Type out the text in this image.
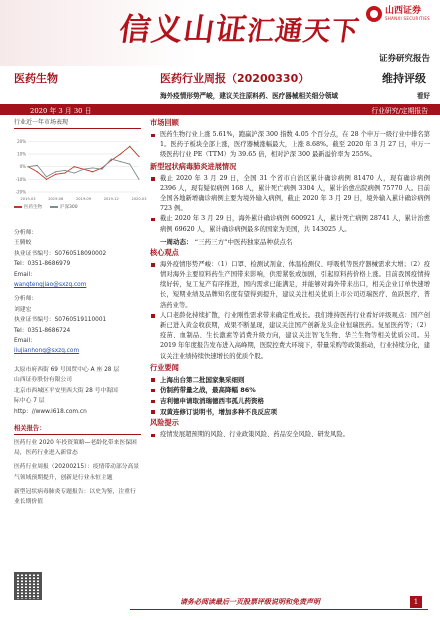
信义山证汇通天下
山西证券
SHANXI SECURITIES
证券研究报告
医药生物	医药行业周报（20200330）	维持评级
海外疫情形势严峻，建议关注原料药、医疗器械相关细分领域	看好
2020 年 3 月 30 日	行业研究/定期报告
行业近一年市场表现
-20%
-10%
0%
10%
20%
2019-03	2019-06	2019-09	2019-12	2020-03
医药生物	沪深300
分析师：
王腾蛟
执业证书编号：S0760518090002
Tel：0351-8686979
Email：
wangtengjiao@sxzq.com
分析师：
刘建宏
执业证书编号：S0760519110001
Tel：0351-8686724
Email：
liujianhong@sxzq.com
太原市府西街 69 号国贸中心 A 座 28 层
山西证券股份有限公司
北京市西城区平安里西大街 28 号中海国
际中心 7 层
http：//www.i618.com.cn
相关报告：

医药行业 2020 年投资策略—老龄化带来医保困局，医药行业进入新常态

医药行业周报（20200215）：疫情带动部分高景气领域预期提升，创新是行业永恒主题

新型冠状病毒肺炎专题报告：以史为鉴，注重行业长期价值

市场回顾
医药生物行业上涨 5.61%，跑赢沪深 300 指数 4.05 个百分点，在 28 个申万一级行业中排名第 1。医药子板块全部上涨，医疗器械涨幅最大，上涨 8.68%。截至 2020 年 3 月 27 日，申万一级医药行业 PE（TTM）为 39.65 倍，相对沪深 300 最新溢价率为 255%。
新型冠状病毒肺炎进展情况
截止 2020 年 3 月 29 日，全国 31 个省市自治区累计确诊病例 81470 人，现有确诊病例 2396 人，现有疑似病例 168 人，累计死亡病例 3304 人，累计治愈出院病例 75770 人。目前全国各地新增确诊病例主要为境外输入病例，截止 2020 年 3 月 29 日，境外输入累计确诊病例 723 例。
截止 2020 年 3 月 29 日，海外累计确诊病例 600921 人，累计死亡病例 28741 人，累计治愈病例 69620 人，累计确诊病例最多的国家为美国，共 143025 人。
一周动态： “三药三方”中医药独家品种获点名
核心观点
海外疫情形势严峻：（1）口罩、检测试剂盒、体温检测仪、呼吸机等医疗器械需求大增；（2）疫情对海外主要原料药生产国带来影响，供需紧张或加剧，引起原料药价格上涨。目前我国疫情持续好转，复工复产有序推进，国内需求已能满足，并能够对海外带来出口，相关企业订单快速增长，短期业绩及品牌知名度有望得到提升，建议关注相关优质上市公司迈瑞医疗、鱼跃医疗、普洛药业等。
人口老龄化持续扩散，行业刚性需求带来确定性成长。我们维持医药行业看好评级观点：国产创新已进入黄金收获期，成果不断显现，建议关注国产创新龙头企业恒瑞医药。复星医药等；（2）疫苗、血制品、生长激素等消费升级方向，建议关注智飞生物、华兰生物等相关优质公司。另 2019 年年度报告发布进入高峰期，医院控费大环境下，带量采购等政策推动，行业持续分化，建议关注业绩持续快速增长的优质个股。
行业要闻
上海出台第二批国家集采细则
仿制药带量之战，最高降幅 86%
吉利德申请取消瑞德西韦孤儿药资格
双黄连修订说明书，增加多种不良反应项
风险提示
疫情发展超预期的风险、行业政策风险、药品安全风险、研发风险。
请务必阅读最后一页股票评级说明和免责声明	1
